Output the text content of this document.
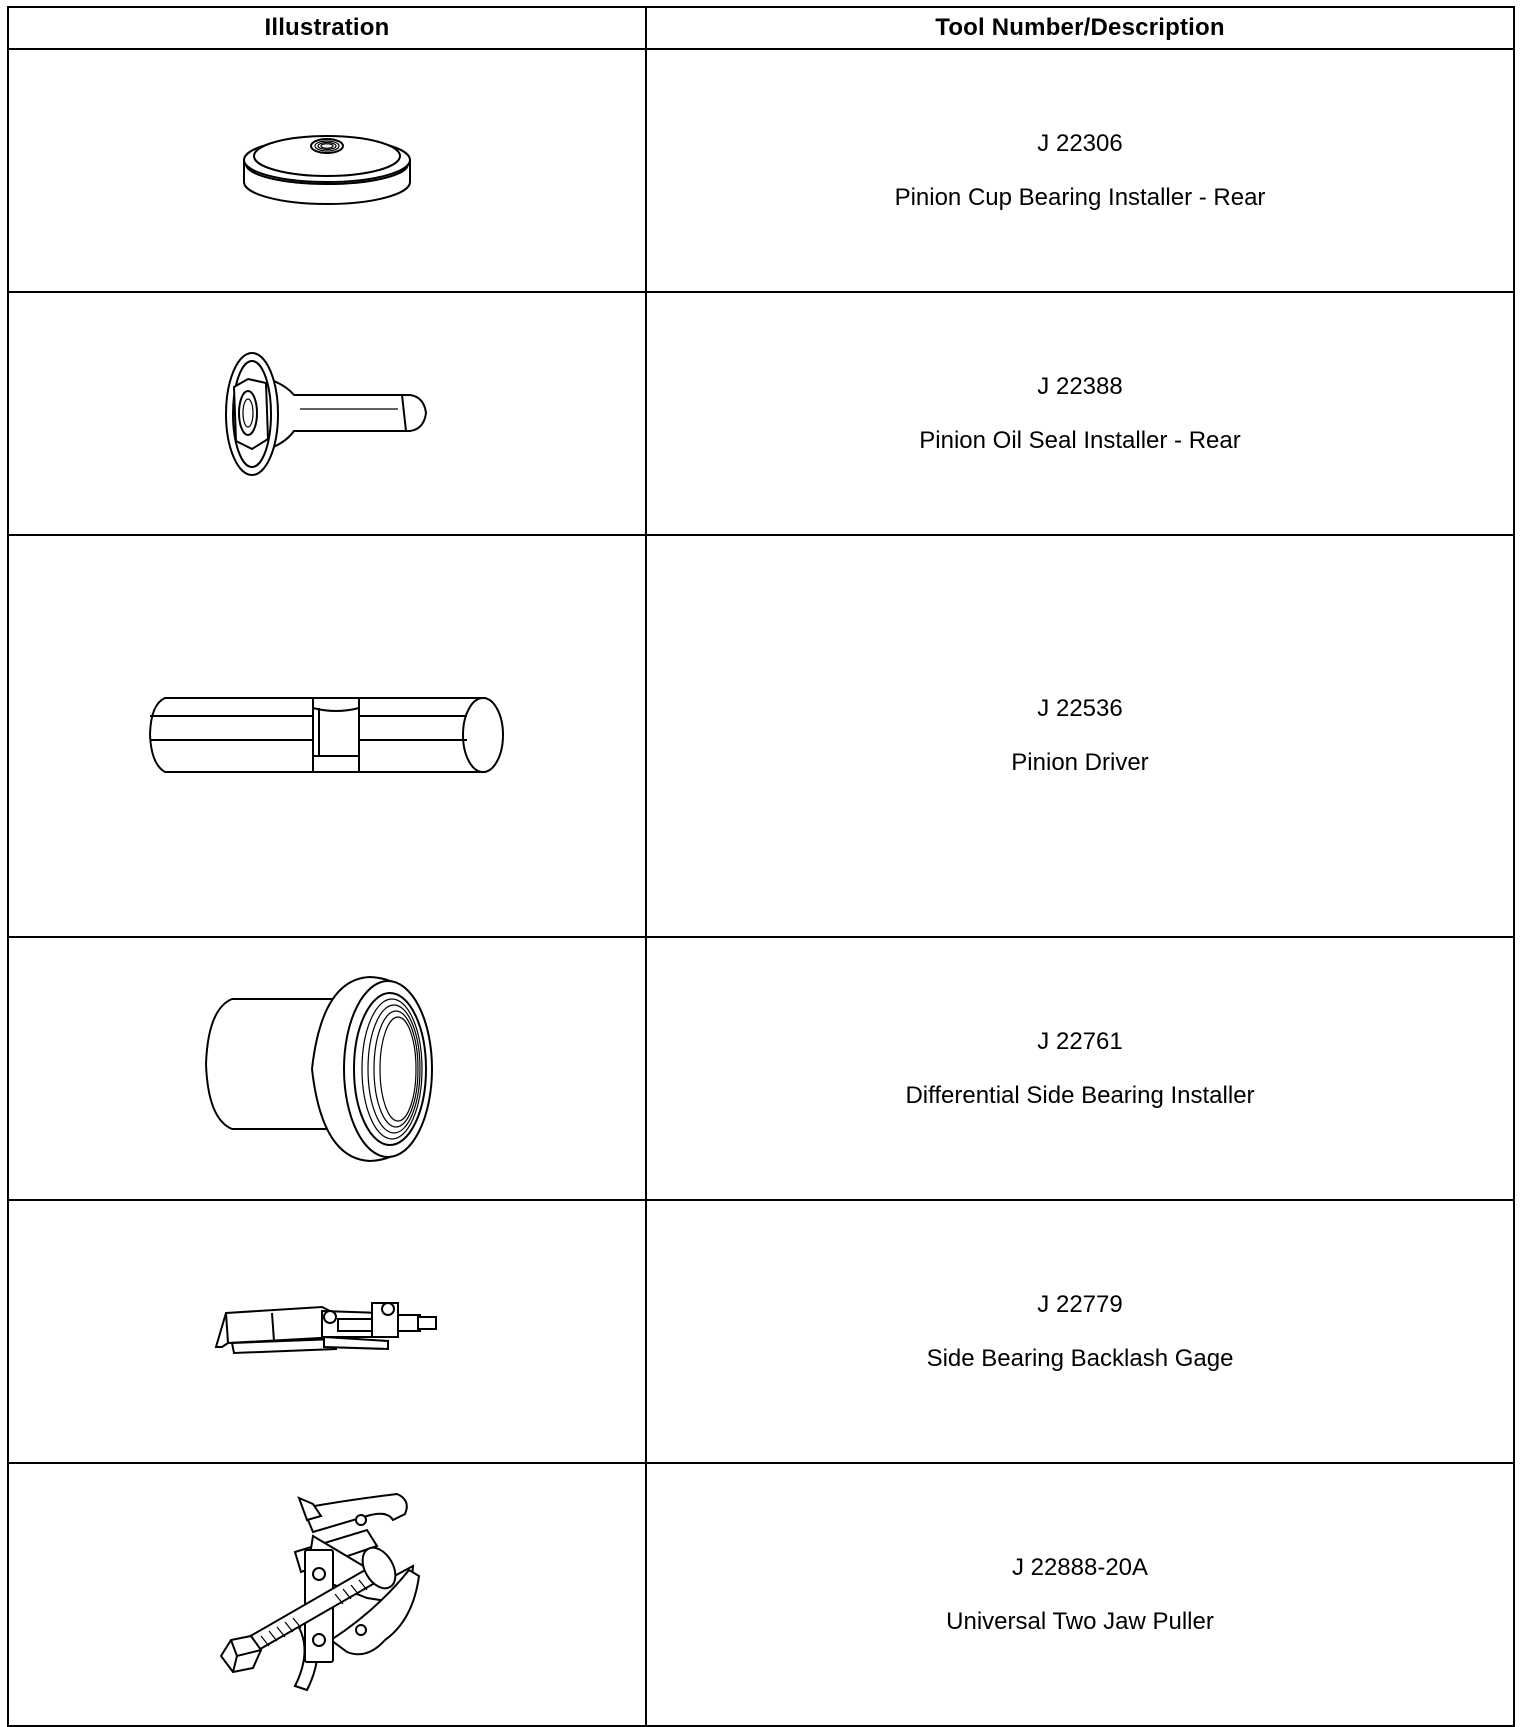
Illustration	Tool Number/Description

J 22306
Pinion Cup Bearing Installer - Rear

J 22388
Pinion Oil Seal Installer - Rear

J 22536
Pinion Driver

J 22761
Differential Side Bearing Installer

J 22779
Side Bearing Backlash Gage

J 22888-20A
Universal Two Jaw Puller
